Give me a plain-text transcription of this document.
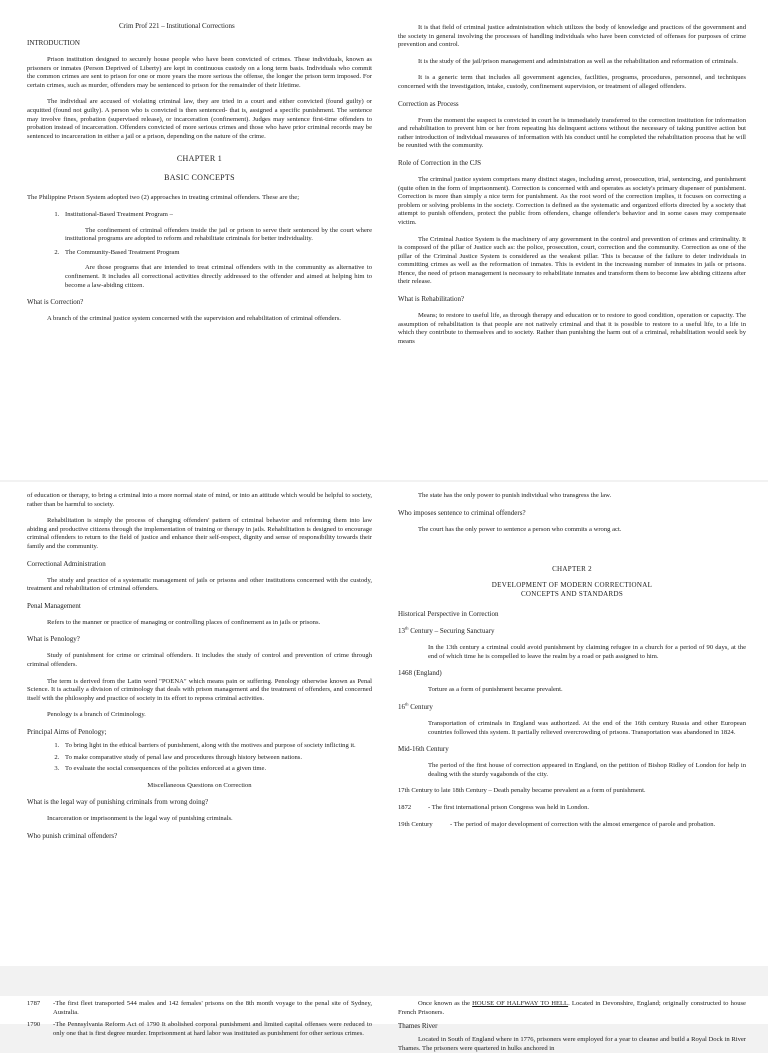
Crim Prof 221 – Institutional Corrections

INTRODUCTION

Prison institution designed to securely house people who have been convicted of crimes. These individuals, known as prisoners or inmates (Person Deprived of Liberty) are kept in continuous custody on a long term basis. Individuals who commit the common crimes are sent to prison for one or more years the more serious the offense, the longer the prison term imposed. For certain crimes, such as murder, offenders may be sentenced to prison for the remainder of their lifetime.

The individual are accused of violating criminal law, they are tried in a court and either convicted (found guilty) or acquitted (found not guilty). A person who is convicted is then sentenced- that is, assigned a specific punishment. The sentence may involve fines, probation (supervised release), or incarceration (confinement). Judges may sentence first-time offenders to probation instead of incarceration. Offenders convicted of more serious crimes and those who have prior criminal records may be sentenced to incarceration in either a jail or a prison, depending on the nature of the crime.

CHAPTER 1

BASIC CONCEPTS

The Philippine Prison System adopted two (2) approaches in treating criminal offenders. These are the;

1. Institutional-Based Treatment Program –

The confinement of criminal offenders inside the jail or prison to serve their sentenced by the court where institutional programs are adopted to reform and rehabilitate criminals for better individuality.

2. The Community-Based Treatment Program

Are those programs that are intended to treat criminal offenders with in the community as alternative to confinement. It includes all correctional activities directly addressed to the offender and aimed at helping him to become a law-abiding citizen.

What is Correction?

A branch of the criminal justice system concerned with the supervision and rehabilitation of criminal offenders.

It is that field of criminal justice administration which utilizes the body of knowledge and practices of the government and the society in general involving the processes of handling individuals who have been convicted of offenses for purposes of crime prevention and control.

It is the study of the jail/prison management and administration as well as the rehabilitation and reformation of criminals.

It is a generic term that includes all government agencies, facilities, programs, procedures, personnel, and techniques concerned with the investigation, intake, custody, confinement supervision, or treatment of alleged offenders.

Correction as Process

From the moment the suspect is convicted in court he is immediately transferred to the correction institution for information and rehabilitation to prevent him or her from repeating his delinquent actions without the necessary of taking punitive action but rather introduction of individual measures of information with his conduct until he completed the rehabilitation process that he will be reunited with the community.

Role of Correction in the CJS

The criminal justice system comprises many distinct stages, including arrest, prosecution, trial, sentencing, and punishment (quite often in the form of imprisonment). Correction is concerned with and operates as society's primary dispenser of punishment. Correction is more than simply a nice term for punishment. As the root word of the correction implies, it focuses on correcting a problem or solving problems in the society. Correction is defined as the systematic and organized efforts directed by a society that attempt to punish offenders, protect the public from offenders, change offender's behavior and in some cases may compensate victim.

The Criminal Justice System is the machinery of any government in the control and prevention of crimes and criminality. It is composed of the pillar of Justice such as: the police, prosecution, court, correction and the community. Correction as one of the pillar of the Criminal Justice System is considered as the weakest pillar. This is because of the failure to deter individuals in committing crimes as well as the reformation of inmates. This is evident in the increasing number of inmates in jails or prisons. Hence, the need of prison management is necessary to rehabilitate inmates and transform them to become law abiding citizens after their release.

What is Rehabilitation?

Means; to restore to useful life, as through therapy and education or to restore to good condition, operation or capacity. The assumption of rehabilitation is that people are not natively criminal and that it is possible to restore to a useful life, to a life in which they contribute to themselves and to society. Rather than punishing the harm out of a criminal, rehabilitation would seek by means

of education or therapy, to bring a criminal into a more normal state of mind, or into an attitude which would be helpful to society, rather than be harmful to society.

Rehabilitation is simply the process of changing offenders' pattern of criminal behavior and reforming them into law abiding and productive citizens through the implementation of training or therapy in jails. Rehabilitation is designed to encourage criminal offenders to return to the field of justice and enhance their self-respect, dignity and sense of responsibility towards their family and the community.

Correctional Administration

The study and practice of a systematic management of jails or prisons and other institutions concerned with the custody, treatment and rehabilitation of criminal offenders.

Penal Management

Refers to the manner or practice of managing or controlling places of confinement as in jails or prisons.

What is Penology?

Study of punishment for crime or criminal offenders. It includes the study of control and prevention of crime through criminal offenders.

The term is derived from the Latin word "POENA" which means pain or suffering. Penology otherwise known as Penal Science. It is actually a division of criminology that deals with prison management and the treatment of offenders, and concerned itself with the philosophy and practice of society in its effort to repress criminal activities.

Penology is a branch of Criminology.

Principal Aims of Penology;

1. To bring light in the ethical barriers of punishment, along with the motives and purpose of society inflicting it.
2. To make comparative study of penal law and procedures through history between nations.
3. To evaluate the social consequences of the policies enforced at a given time.

Miscellaneous Questions on Correction

What is the legal way of punishing criminals from wrong doing?

Incarceration or imprisonment is the legal way of punishing criminals.

Who punish criminal offenders?

The state has the only power to punish individual who transgress the law.

Who imposes sentence to criminal offenders?

The court has the only power to sentence a person who commits a wrong act.

CHAPTER 2

DEVELOPMENT OF MODERN CORRECTIONAL

CONCEPTS AND STANDARDS

Historical Perspective in Correction

13th Century – Securing Sanctuary

In the 13th century a criminal could avoid punishment by claiming refugee in a church for a period of 90 days, at the end of which time he is compelled to leave the realm by a road or path assigned to him.

1468 (England)

Torture as a form of punishment became prevalent.

16th Century

Transportation of criminals in England was authorized. At the end of the 16th century Russia and other European countries followed this system. It partially relieved overcrowding of prisons. Transportation was abandoned in 1824.

Mid-16th Century

The period of the first house of correction appeared in England, on the petition of Bishop Ridley of London for help in dealing with the sturdy vagabonds of the city.

17th Century to late 18th Century – Death penalty became prevalent as a form of punishment.

1872	- The first international prison Congress was held in London.
19th Century	- The period of major development of correction with the almost emergence of parole and probation.
1787	-The first fleet transported 544 males and 142 females' prisons on the 8th month voyage to the penal site of Sydney, Australia.
1790	-The Pennsylvania Reform Act of 1790 It abolished corporal punishment and limited capital offenses were reduced to only one that is first degree murder. Imprisonment at hard labor was instituted as punishment for other serious crimes.

Once known as the HOUSE OF HALFWAY TO HELL. Located in Devonshire, England; originally constructed to house French Prisoners.

Thames River

Located in South of England where in 1776, prisoners were employed for a year to cleanse and build a Royal Dock in River Thames. The prisoners were quartered in hulks anchored in
